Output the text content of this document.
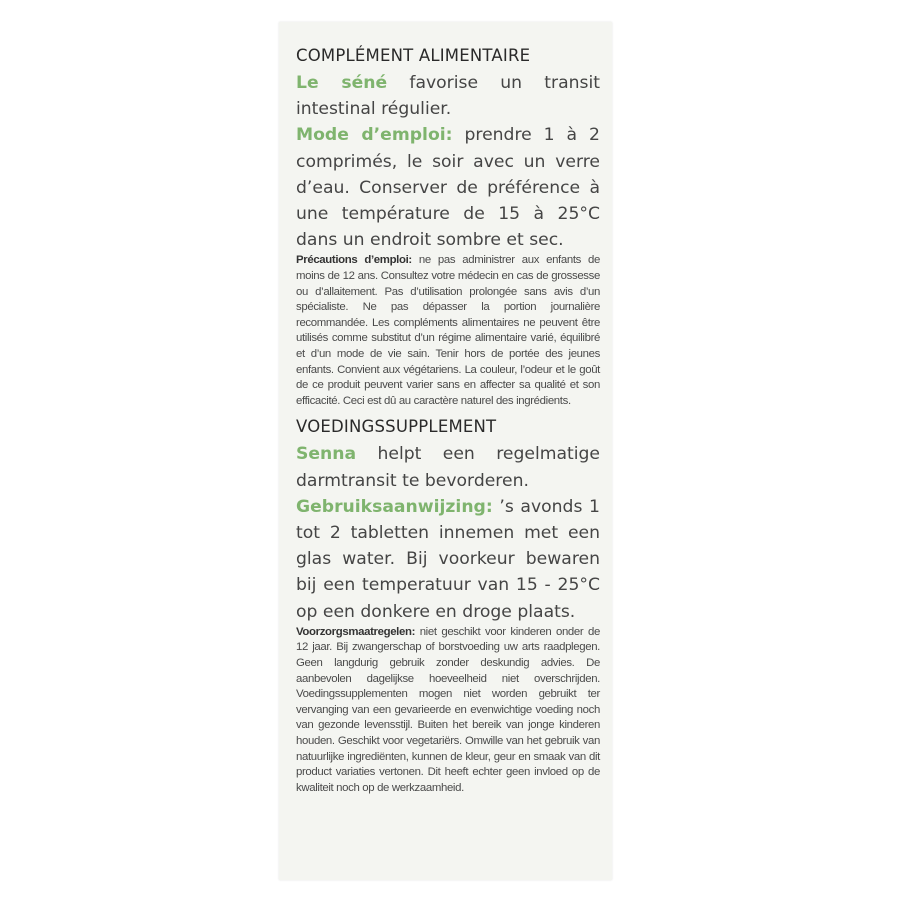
COMPLÉMENT ALIMENTAIRE

Le séné favorise un transit intestinal régulier.

Mode d’emploi: prendre 1 à 2 comprimés, le soir avec un verre d’eau. Conserver de préférence à une température de 15 à 25°C dans un endroit sombre et sec.

Précautions d’emploi: ne pas administrer aux enfants de moins de 12 ans. Consultez votre médecin en cas de grossesse ou d’allaitement. Pas d’utilisation prolongée sans avis d’un spécialiste. Ne pas dépasser la portion journalière recommandée. Les compléments alimentaires ne peuvent être utilisés comme substitut d’un régime alimentaire varié, équilibré et d’un mode de vie sain. Tenir hors de portée des jeunes enfants. Convient aux végétariens. La couleur, l’odeur et le goût de ce produit peuvent varier sans en affecter sa qualité et son efficacité. Ceci est dû au caractère naturel des ingrédients.

VOEDINGSSUPPLEMENT

Senna helpt een regelmatige darmtransit te bevorderen.

Gebruiksaanwijzing: ’s avonds 1 tot 2 tabletten innemen met een glas water. Bij voorkeur bewaren bij een temperatuur van 15 - 25°C op een donkere en droge plaats.

Voorzorgsmaatregelen: niet geschikt voor kinderen onder de 12 jaar. Bij zwangerschap of borstvoeding uw arts raadplegen. Geen langdurig gebruik zonder deskundig advies. De aanbevolen dagelijkse hoeveelheid niet overschrijden. Voedingssupplementen mogen niet worden gebruikt ter vervanging van een gevarieerde en evenwichtige voeding noch van gezonde levensstijl. Buiten het bereik van jonge kinderen houden. Geschikt voor vegetariërs. Omwille van het gebruik van natuurlijke ingrediënten, kunnen de kleur, geur en smaak van dit product variaties vertonen. Dit heeft echter geen invloed op de kwaliteit noch op de werkzaamheid.
